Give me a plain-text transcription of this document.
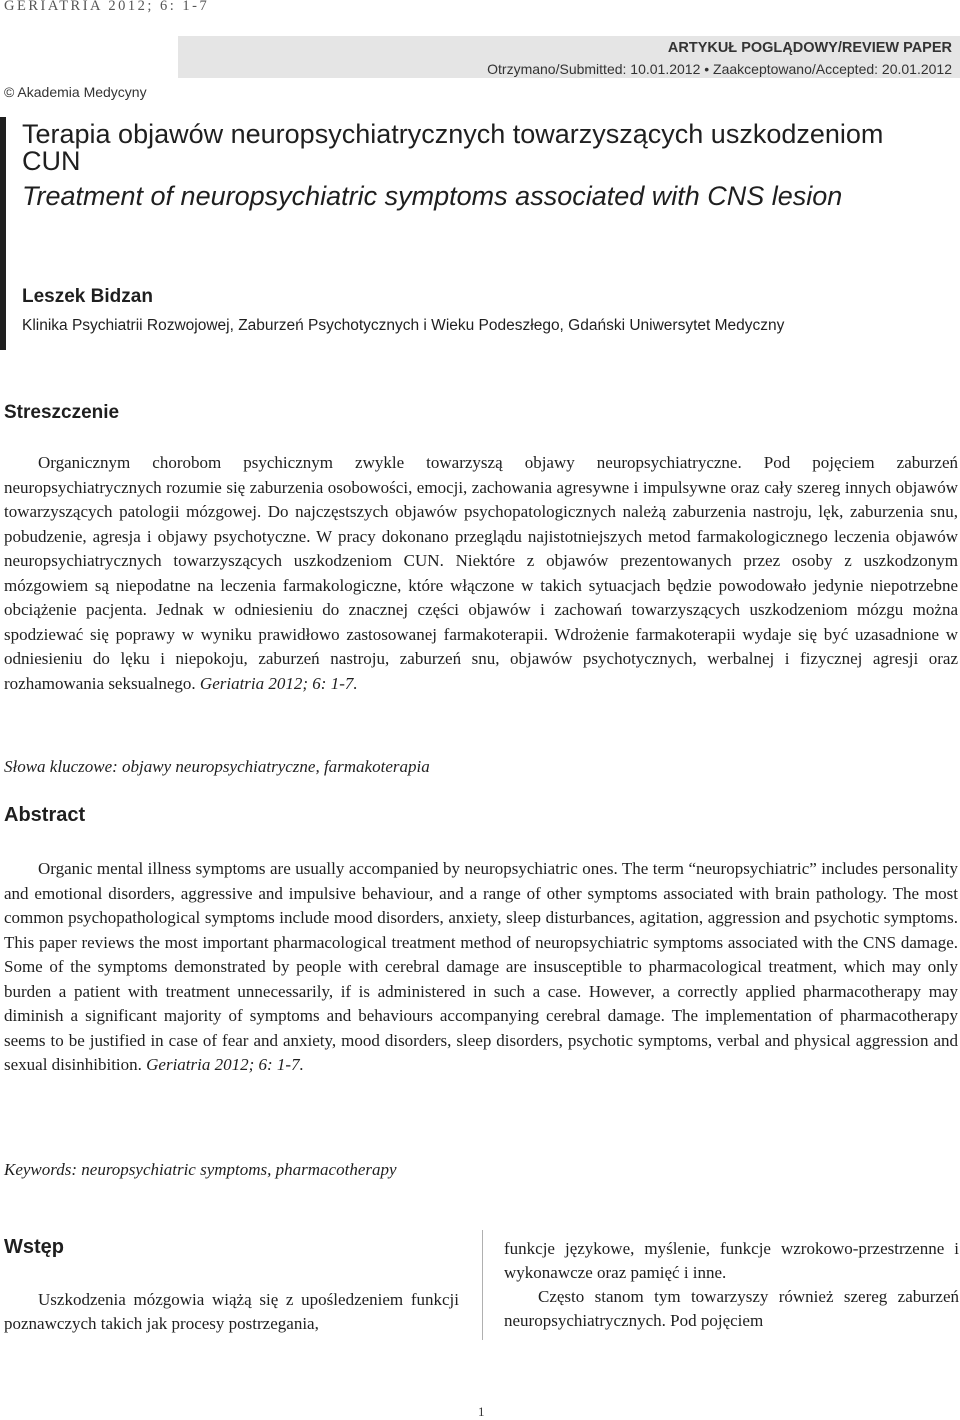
GERIATRIA 2012; 6: 1-7
ARTYKUŁ POGLĄDOWY/REVIEW PAPER
Otrzymano/Submitted: 10.01.2012 • Zaakceptowano/Accepted: 20.01.2012
© Akademia Medycyny
Terapia objawów neuropsychiatrycznych towarzyszących uszkodzeniom CUN
Treatment of neuropsychiatric symptoms associated with CNS lesion
Leszek Bidzan
Klinika Psychiatrii Rozwojowej, Zaburzeń Psychotycznych i Wieku Podeszłego, Gdański Uniwersytet Medyczny
Streszczenie

Organicznym chorobom psychicznym zwykle towarzyszą objawy neuropsychiatryczne. Pod pojęciem zaburzeń neuropsychiatrycznych rozumie się zaburzenia osobowości, emocji, zachowania agresywne i impulsywne oraz cały szereg innych objawów towarzyszących patologii mózgowej. Do najczęstszych objawów psychopatologicznych należą zaburzenia nastroju, lęk, zaburzenia snu, pobudzenie, agresja i objawy psychotyczne. W pracy dokonano przeglądu najistotniejszych metod farmakologicznego leczenia objawów neuropsychiatrycznych towarzyszących uszkodzeniom CUN. Niektóre z objawów prezentowanych przez osoby z uszkodzonym mózgowiem są niepodatne na leczenia farmakologiczne, które włączone w takich sytuacjach będzie powodowało jedynie niepotrzebne obciążenie pacjenta. Jednak w odniesieniu do znacznej części objawów i zachowań towarzyszących uszkodzeniom mózgu można spodziewać się poprawy w wyniku prawidłowo zastosowanej farmakoterapii. Wdrożenie farmakoterapii wydaje się być uzasadnione w odniesieniu do lęku i niepokoju, zaburzeń nastroju, zaburzeń snu, objawów psychotycznych, werbalnej i fizycznej agresji oraz rozhamowania seksualnego. Geriatria 2012; 6: 1-7.

Słowa kluczowe: objawy neuropsychiatryczne, farmakoterapia
Abstract

Organic mental illness symptoms are usually accompanied by neuropsychiatric ones. The term “neuropsychiatric” includes personality and emotional disorders, aggressive and impulsive behaviour, and a range of other symptoms associated with brain pathology. The most common psychopathological symptoms include mood disorders, anxiety, sleep disturbances, agitation, aggression and psychotic symptoms. This paper reviews the most important pharmacological treatment method of neuropsychiatric symptoms associated with the CNS damage. Some of the symptoms demonstrated by people with cerebral damage are insusceptible to pharmacological treatment, which may only burden a patient with treatment unnecessarily, if is administered in such a case. However, a correctly applied pharmacotherapy may diminish a significant majority of symptoms and behaviours accompanying cerebral damage. The implementation of pharmacotherapy seems to be justified in case of fear and anxiety, mood disorders, sleep disorders, psychotic symptoms, verbal and physical aggression and sexual disinhibition. Geriatria 2012; 6: 1-7.

Keywords: neuropsychiatric symptoms, pharmacotherapy
Wstęp

Uszkodzenia mózgowia wiążą się z upośledzeniem funkcji poznawczych takich jak procesy postrzegania,

funkcje językowe, myślenie, funkcje wzrokowo-przestrzenne i wykonawcze oraz pamięć i inne.

Często stanom tym towarzyszy również szereg zaburzeń neuropsychiatrycznych. Pod pojęciem

1
